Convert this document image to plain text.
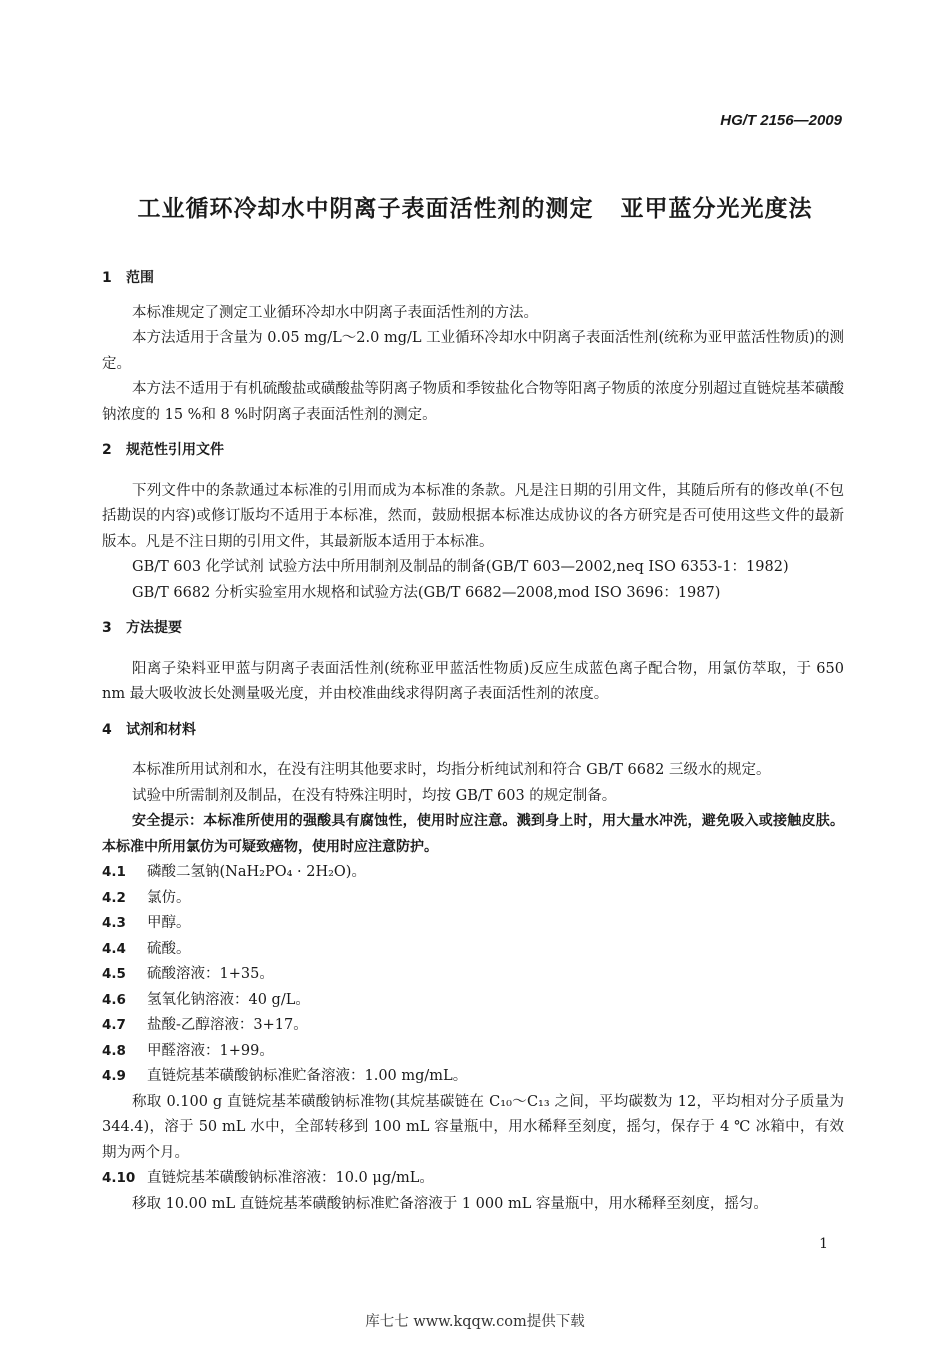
HG/T 2156—2009
工业循环冷却水中阴离子表面活性剂的测定   亚甲蓝分光光度法
1 范围

本标准规定了测定工业循环冷却水中阴离子表面活性剂的方法。

本方法适用于含量为 0.05 mg/L～2.0 mg/L 工业循环冷却水中阴离子表面活性剂(统称为亚甲蓝活性物质)的测定。

本方法不适用于有机硫酸盐或磺酸盐等阴离子物质和季铵盐化合物等阳离子物质的浓度分别超过直链烷基苯磺酸钠浓度的 15 %和 8 %时阴离子表面活性剂的测定。

2 规范性引用文件

下列文件中的条款通过本标准的引用而成为本标准的条款。凡是注日期的引用文件，其随后所有的修改单(不包括勘误的内容)或修订版均不适用于本标准，然而，鼓励根据本标准达成协议的各方研究是否可使用这些文件的最新版本。凡是不注日期的引用文件，其最新版本适用于本标准。

GB/T 603 化学试剂 试验方法中所用制剂及制品的制备(GB/T 603—2002,neq ISO 6353-1：1982)

GB/T 6682 分析实验室用水规格和试验方法(GB/T 6682—2008,mod ISO 3696：1987)

3 方法提要

阳离子染料亚甲蓝与阴离子表面活性剂(统称亚甲蓝活性物质)反应生成蓝色离子配合物，用氯仿萃取，于 650 nm 最大吸收波长处测量吸光度，并由校准曲线求得阴离子表面活性剂的浓度。

4 试剂和材料

本标准所用试剂和水，在没有注明其他要求时，均指分析纯试剂和符合 GB/T 6682 三级水的规定。

试验中所需制剂及制品，在没有特殊注明时，均按 GB/T 603 的规定制备。

安全提示：本标准所使用的强酸具有腐蚀性，使用时应注意。溅到身上时，用大量水冲洗，避免吸入或接触皮肤。本标准中所用氯仿为可疑致癌物，使用时应注意防护。

4.1 磷酸二氢钠(NaH₂PO₄ · 2H₂O)。

4.2 氯仿。

4.3 甲醇。

4.4 硫酸。

4.5 硫酸溶液：1+35。

4.6 氢氧化钠溶液：40 g/L。

4.7 盐酸-乙醇溶液：3+17。

4.8 甲醛溶液：1+99。

4.9 直链烷基苯磺酸钠标准贮备溶液：1.00 mg/mL。

称取 0.100 g 直链烷基苯磺酸钠标准物(其烷基碳链在 C₁₀～C₁₃ 之间，平均碳数为 12，平均相对分子质量为 344.4)，溶于 50 mL 水中，全部转移到 100 mL 容量瓶中，用水稀释至刻度，摇匀，保存于 4 ℃ 冰箱中，有效期为两个月。

4.10 直链烷基苯磺酸钠标准溶液：10.0 μg/mL。

移取 10.00 mL 直链烷基苯磺酸钠标准贮备溶液于 1 000 mL 容量瓶中，用水稀释至刻度，摇匀。

1
库七七 www.kqqw.com提供下载
